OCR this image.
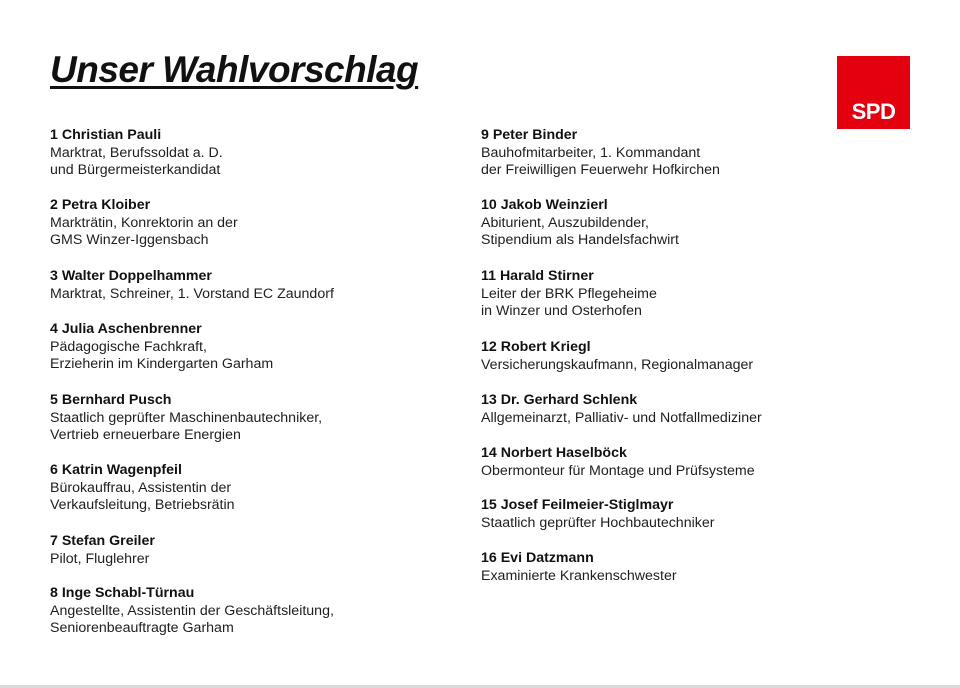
Unser Wahlvorschlag
SPD
1 Christian Pauli
Marktrat, Berufssoldat a. D.
und Bürgermeisterkandidat
2 Petra Kloiber
Markträtin, Konrektorin an der
GMS Winzer-Iggensbach
3 Walter Doppelhammer
Marktrat, Schreiner, 1. Vorstand EC Zaundorf
4 Julia Aschenbrenner
Pädagogische Fachkraft,
Erzieherin im Kindergarten Garham
5 Bernhard Pusch
Staatlich geprüfter Maschinenbautechniker,
Vertrieb erneuerbare Energien
6 Katrin Wagenpfeil
Bürokauffrau, Assistentin der
Verkaufsleitung, Betriebsrätin
7 Stefan Greiler
Pilot, Fluglehrer
8 Inge Schabl-Türnau
Angestellte, Assistentin der Geschäftsleitung,
Seniorenbeauftragte Garham
9 Peter Binder
Bauhofmitarbeiter, 1. Kommandant
der Freiwilligen Feuerwehr Hofkirchen
10 Jakob Weinzierl
Abiturient, Auszubildender,
Stipendium als Handelsfachwirt
11 Harald Stirner
Leiter der BRK Pflegeheime
in Winzer und Osterhofen
12 Robert Kriegl
Versicherungskaufmann, Regionalmanager
13 Dr. Gerhard Schlenk
Allgemeinarzt, Palliativ- und Notfallmediziner
14 Norbert Haselböck
Obermonteur für Montage und Prüfsysteme
15 Josef Feilmeier-Stiglmayr
Staatlich geprüfter Hochbautechniker
16 Evi Datzmann
Examinierte Krankenschwester
